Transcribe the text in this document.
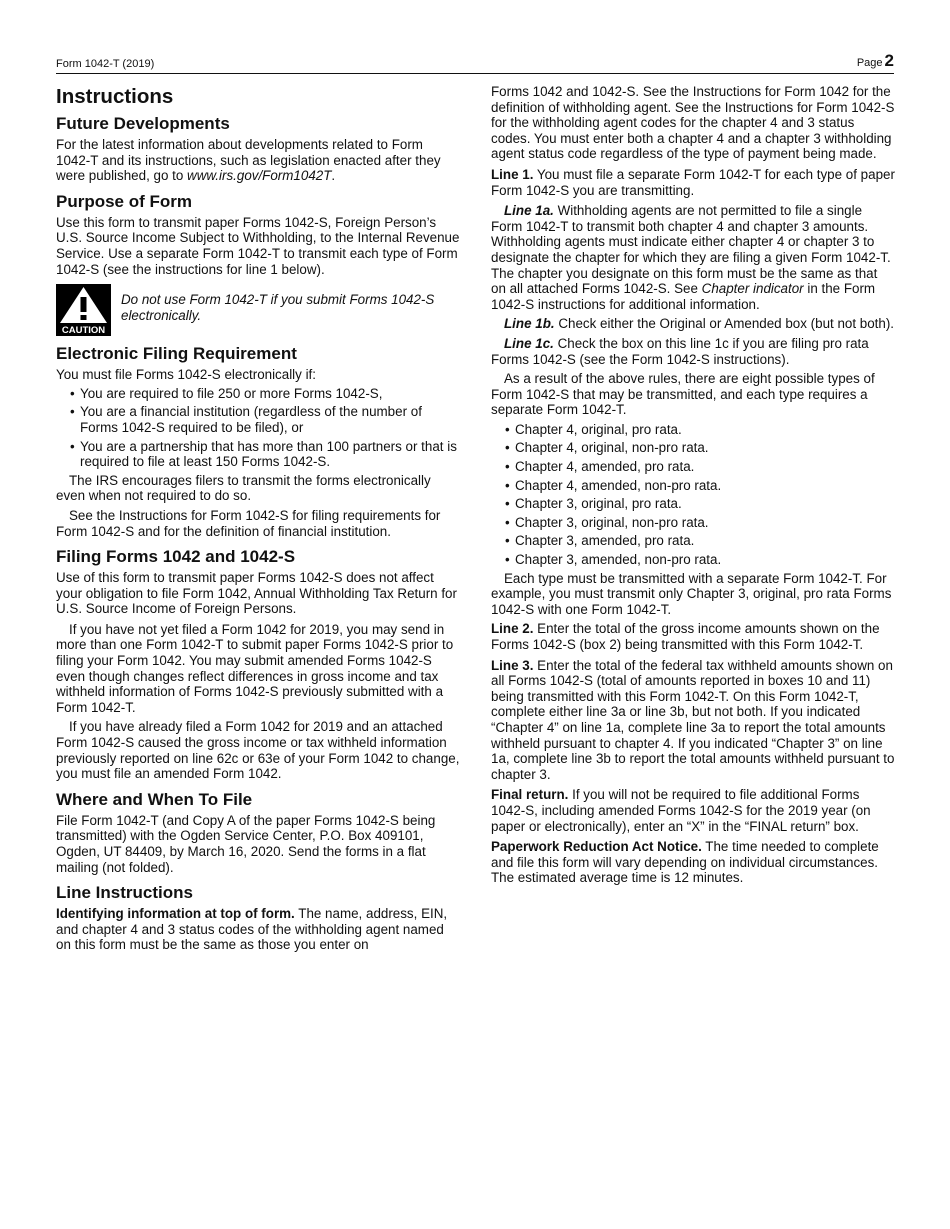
Form 1042-T (2019)	Page 2
Instructions
Future Developments

For the latest information about developments related to Form 1042-T and its instructions, such as legislation enacted after they were published, go to www.irs.gov/Form1042T.

Purpose of Form

Use this form to transmit paper Forms 1042-S, Foreign Person’s U.S. Source Income Subject to Withholding, to the Internal Revenue Service. Use a separate Form 1042-T to transmit each type of Form 1042-S (see the instructions for line 1 below).

CAUTION
Do not use Form 1042-T if you submit Forms 1042-S electronically.
Electronic Filing Requirement

You must file Forms 1042-S electronically if:

• You are required to file 250 or more Forms 1042-S,
• You are a financial institution (regardless of the number of Forms 1042-S required to be filed), or
• You are a partnership that has more than 100 partners or that is required to file at least 150 Forms 1042-S.

The IRS encourages filers to transmit the forms electronically even when not required to do so.

See the Instructions for Form 1042-S for filing requirements for Form 1042-S and for the definition of financial institution.

Filing Forms 1042 and 1042-S

Use of this form to transmit paper Forms 1042-S does not affect your obligation to file Form 1042, Annual Withholding Tax Return for U.S. Source Income of Foreign Persons.

If you have not yet filed a Form 1042 for 2019, you may send in more than one Form 1042-T to submit paper Forms 1042-S prior to filing your Form 1042. You may submit amended Forms 1042-S even though changes reflect differences in gross income and tax withheld information of Forms 1042-S previously submitted with a Form 1042-T.

If you have already filed a Form 1042 for 2019 and an attached Form 1042-S caused the gross income or tax withheld information previously reported on line 62c or 63e of your Form 1042 to change, you must file an amended Form 1042.

Where and When To File

File Form 1042-T (and Copy A of the paper Forms 1042-S being transmitted) with the Ogden Service Center, P.O. Box 409101, Ogden, UT 84409, by March 16, 2020. Send the forms in a flat mailing (not folded).

Line Instructions

Identifying information at top of form. The name, address, EIN, and chapter 4 and 3 status codes of the withholding agent named on this form must be the same as those you enter on

Forms 1042 and 1042-S. See the Instructions for Form 1042 for the definition of withholding agent. See the Instructions for Form 1042-S for the withholding agent codes for the chapter 4 and 3 status codes. You must enter both a chapter 4 and a chapter 3 withholding agent status code regardless of the type of payment being made.

Line 1. You must file a separate Form 1042-T for each type of paper Form 1042-S you are transmitting.

Line 1a. Withholding agents are not permitted to file a single Form 1042-T to transmit both chapter 4 and chapter 3 amounts. Withholding agents must indicate either chapter 4 or chapter 3 to designate the chapter for which they are filing a given Form 1042-T. The chapter you designate on this form must be the same as that on all attached Forms 1042-S. See Chapter indicator in the Form 1042-S instructions for additional information.

Line 1b. Check either the Original or Amended box (but not both).

Line 1c. Check the box on this line 1c if you are filing pro rata Forms 1042-S (see the Form 1042-S instructions).

As a result of the above rules, there are eight possible types of Form 1042-S that may be transmitted, and each type requires a separate Form 1042-T.

• Chapter 4, original, pro rata.
• Chapter 4, original, non-pro rata.
• Chapter 4, amended, pro rata.
• Chapter 4, amended, non-pro rata.
• Chapter 3, original, pro rata.
• Chapter 3, original, non-pro rata.
• Chapter 3, amended, pro rata.
• Chapter 3, amended, non-pro rata.

Each type must be transmitted with a separate Form 1042-T. For example, you must transmit only Chapter 3, original, pro rata Forms 1042-S with one Form 1042-T.

Line 2. Enter the total of the gross income amounts shown on the Forms 1042-S (box 2) being transmitted with this Form 1042-T.

Line 3. Enter the total of the federal tax withheld amounts shown on all Forms 1042-S (total of amounts reported in boxes 10 and 11) being transmitted with this Form 1042-T. On this Form 1042-T, complete either line 3a or line 3b, but not both. If you indicated “Chapter 4” on line 1a, complete line 3a to report the total amounts withheld pursuant to chapter 4. If you indicated “Chapter 3” on line 1a, complete line 3b to report the total amounts withheld pursuant to chapter 3.

Final return. If you will not be required to file additional Forms 1042-S, including amended Forms 1042-S for the 2019 year (on paper or electronically), enter an “X” in the “FINAL return” box.

Paperwork Reduction Act Notice. The time needed to complete and file this form will vary depending on individual circumstances. The estimated average time is 12 minutes.
